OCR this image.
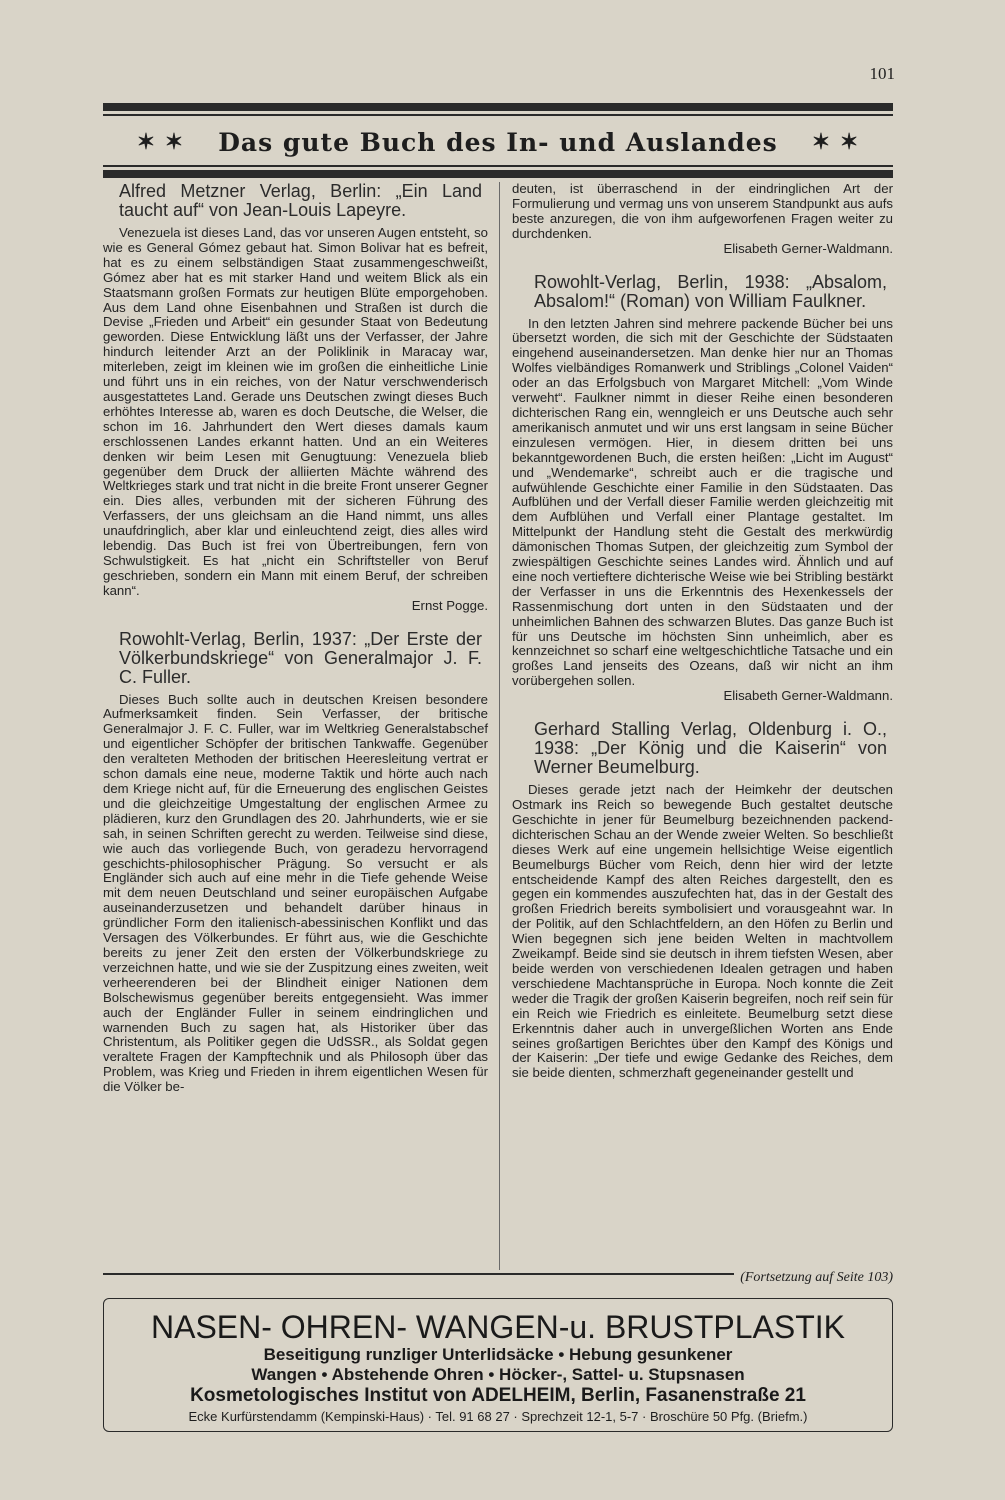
101
✶ ✶ Das gute Buch des In- und Auslandes ✶ ✶

Alfred Metzner Verlag, Berlin: „Ein Land taucht auf“ von Jean-Louis Lapeyre.

Venezuela ist dieses Land, das vor unseren Augen entsteht, so wie es General Gómez gebaut hat. Simon Bolivar hat es befreit, hat es zu einem selbständigen Staat zusammengeschweißt, Gómez aber hat es mit starker Hand und weitem Blick als ein Staatsmann großen Formats zur heutigen Blüte emporgehoben. Aus dem Land ohne Eisenbahnen und Straßen ist durch die Devise „Frieden und Arbeit“ ein gesunder Staat von Bedeutung geworden. Diese Entwicklung läßt uns der Verfasser, der Jahre hindurch leitender Arzt an der Poliklinik in Maracay war, miterleben, zeigt im kleinen wie im großen die einheitliche Linie und führt uns in ein reiches, von der Natur verschwenderisch ausgestattetes Land. Gerade uns Deutschen zwingt dieses Buch erhöhtes Interesse ab, waren es doch Deutsche, die Welser, die schon im 16. Jahrhundert den Wert dieses damals kaum erschlossenen Landes erkannt hatten. Und an ein Weiteres denken wir beim Lesen mit Genugtuung: Venezuela blieb gegenüber dem Druck der alliierten Mächte während des Weltkrieges stark und trat nicht in die breite Front unserer Gegner ein. Dies alles, verbunden mit der sicheren Führung des Verfassers, der uns gleichsam an die Hand nimmt, uns alles unaufdringlich, aber klar und einleuchtend zeigt, dies alles wird lebendig. Das Buch ist frei von Übertreibungen, fern von Schwulstigkeit. Es hat „nicht ein Schriftsteller von Beruf geschrieben, sondern ein Mann mit einem Beruf, der schreiben kann“.

Ernst Pogge.

Rowohlt-Verlag, Berlin, 1937: „Der Erste der Völkerbundskriege“ von Generalmajor J. F. C. Fuller.

Dieses Buch sollte auch in deutschen Kreisen besondere Aufmerksamkeit finden. Sein Verfasser, der britische Generalmajor J. F. C. Fuller, war im Weltkrieg Generalstabschef und eigentlicher Schöpfer der britischen Tankwaffe. Gegenüber den veralteten Methoden der britischen Heeresleitung vertrat er schon damals eine neue, moderne Taktik und hörte auch nach dem Kriege nicht auf, für die Erneuerung des englischen Geistes und die gleichzeitige Umgestaltung der englischen Armee zu plädieren, kurz den Grundlagen des 20. Jahrhunderts, wie er sie sah, in seinen Schriften gerecht zu werden. Teilweise sind diese, wie auch das vorliegende Buch, von geradezu hervorragend geschichts-philosophischer Prägung. So versucht er als Engländer sich auch auf eine mehr in die Tiefe gehende Weise mit dem neuen Deutschland und seiner europäischen Aufgabe auseinanderzusetzen und behandelt darüber hinaus in gründlicher Form den italienisch-abessinischen Konflikt und das Versagen des Völkerbundes. Er führt aus, wie die Geschichte bereits zu jener Zeit den ersten der Völkerbundskriege zu verzeichnen hatte, und wie sie der Zuspitzung eines zweiten, weit verheerenderen bei der Blindheit einiger Nationen dem Bolschewismus gegenüber bereits entgegensieht. Was immer auch der Engländer Fuller in seinem eindringlichen und warnenden Buch zu sagen hat, als Historiker über das Christentum, als Politiker gegen die UdSSR., als Soldat gegen veraltete Fragen der Kampftechnik und als Philosoph über das Problem, was Krieg und Frieden in ihrem eigentlichen Wesen für die Völker be-

deuten, ist überraschend in der eindringlichen Art der Formulierung und vermag uns von unserem Standpunkt aus aufs beste anzuregen, die von ihm aufgeworfenen Fragen weiter zu durchdenken.

Elisabeth Gerner-Waldmann.

Rowohlt-Verlag, Berlin, 1938: „Absalom, Absalom!“ (Roman) von William Faulkner.

In den letzten Jahren sind mehrere packende Bücher bei uns übersetzt worden, die sich mit der Geschichte der Südstaaten eingehend auseinandersetzen. Man denke hier nur an Thomas Wolfes vielbändiges Romanwerk und Striblings „Colonel Vaiden“ oder an das Erfolgsbuch von Margaret Mitchell: „Vom Winde verweht“. Faulkner nimmt in dieser Reihe einen besonderen dichterischen Rang ein, wenngleich er uns Deutsche auch sehr amerikanisch anmutet und wir uns erst langsam in seine Bücher einzulesen vermögen. Hier, in diesem dritten bei uns bekanntgewordenen Buch, die ersten heißen: „Licht im August“ und „Wendemarke“, schreibt auch er die tragische und aufwühlende Geschichte einer Familie in den Südstaaten. Das Aufblühen und der Verfall dieser Familie werden gleichzeitig mit dem Aufblühen und Verfall einer Plantage gestaltet. Im Mittelpunkt der Handlung steht die Gestalt des merkwürdig dämonischen Thomas Sutpen, der gleichzeitig zum Symbol der zwiespältigen Geschichte seines Landes wird. Ähnlich und auf eine noch vertieftere dichterische Weise wie bei Stribling bestärkt der Verfasser in uns die Erkenntnis des Hexenkessels der Rassenmischung dort unten in den Südstaaten und der unheimlichen Bahnen des schwarzen Blutes. Das ganze Buch ist für uns Deutsche im höchsten Sinn unheimlich, aber es kennzeichnet so scharf eine weltgeschichtliche Tatsache und ein großes Land jenseits des Ozeans, daß wir nicht an ihm vorübergehen sollen.

Elisabeth Gerner-Waldmann.

Gerhard Stalling Verlag, Oldenburg i. O., 1938: „Der König und die Kaiserin“ von Werner Beumelburg.

Dieses gerade jetzt nach der Heimkehr der deutschen Ostmark ins Reich so bewegende Buch gestaltet deutsche Geschichte in jener für Beumelburg bezeichnenden packend-dichterischen Schau an der Wende zweier Welten. So beschließt dieses Werk auf eine ungemein hellsichtige Weise eigentlich Beumelburgs Bücher vom Reich, denn hier wird der letzte entscheidende Kampf des alten Reiches dargestellt, den es gegen ein kommendes auszufechten hat, das in der Gestalt des großen Friedrich bereits symbolisiert und vorausgeahnt war. In der Politik, auf den Schlachtfeldern, an den Höfen zu Berlin und Wien begegnen sich jene beiden Welten in machtvollem Zweikampf. Beide sind sie deutsch in ihrem tiefsten Wesen, aber beide werden von verschiedenen Idealen getragen und haben verschiedene Machtansprüche in Europa. Noch konnte die Zeit weder die Tragik der großen Kaiserin begreifen, noch reif sein für ein Reich wie Friedrich es einleitete. Beumelburg setzt diese Erkenntnis daher auch in unvergeßlichen Worten ans Ende seines großartigen Berichtes über den Kampf des Königs und der Kaiserin: „Der tiefe und ewige Gedanke des Reiches, dem sie beide dienten, schmerzhaft gegeneinander gestellt und

(Fortsetzung auf Seite 103)
NASEN- OHREN- WANGEN-u. BRUSTPLASTIK
Beseitigung runzliger Unterlidsäcke • Hebung gesunkener
Wangen • Abstehende Ohren • Höcker-, Sattel- u. Stupsnasen
Kosmetologisches Institut von ADELHEIM, Berlin, Fasanenstraße 21
Ecke Kurfürstendamm (Kempinski-Haus) · Tel. 91 68 27 · Sprechzeit 12-1, 5-7 · Broschüre 50 Pfg. (Briefm.)
